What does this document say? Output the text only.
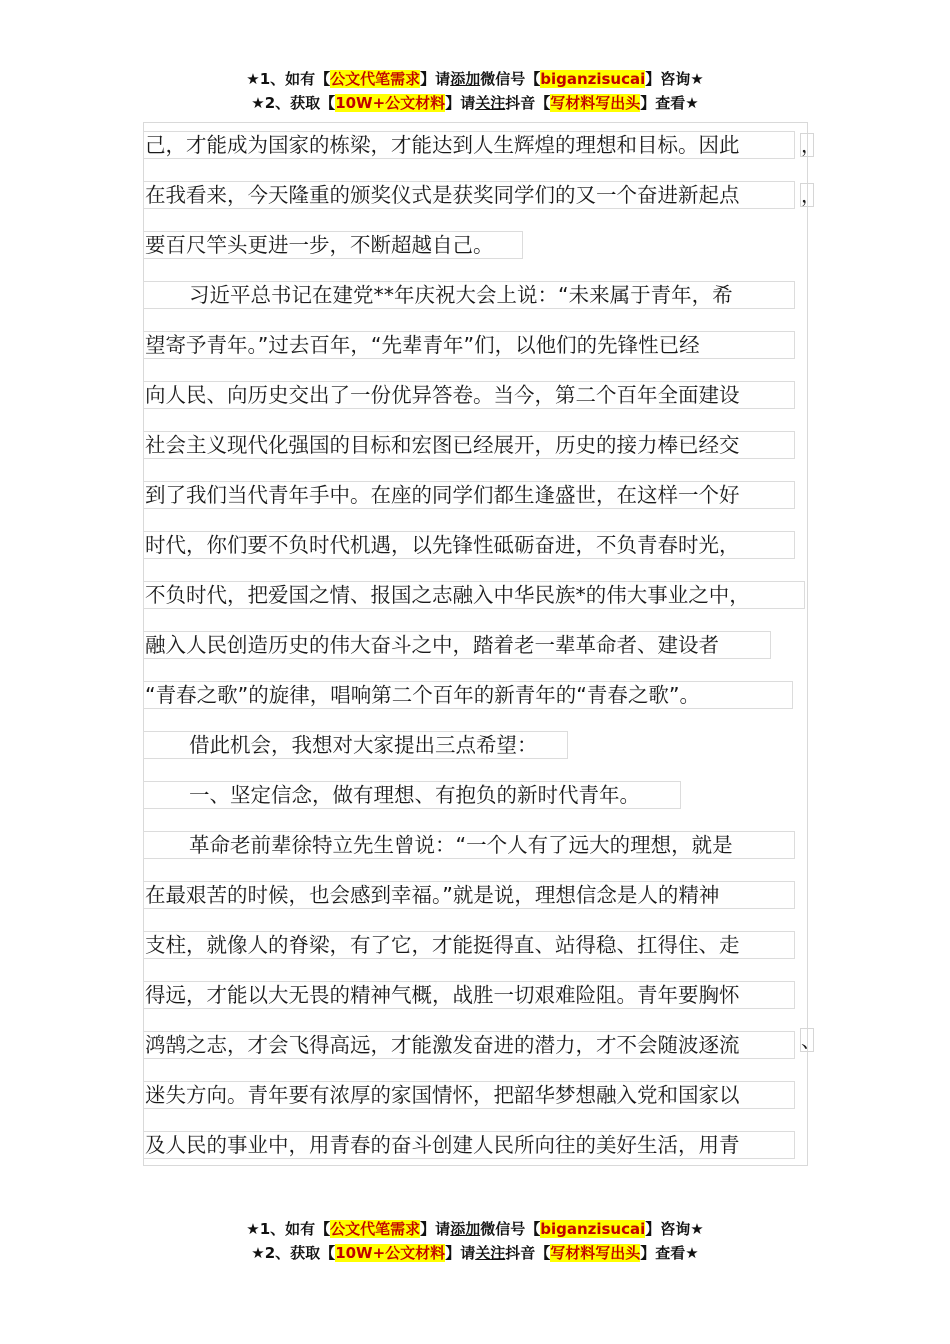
★1、如有【公文代笔需求】请添加微信号【biganzisucai】咨询★
★2、获取【10W+公文材料】请关注抖音【写材料写出头】查看★
己，才能成为国家的栋梁，才能达到人生辉煌的理想和目标。因此
在我看来，今天隆重的颁奖仪式是获奖同学们的又一个奋进新起点
要百尺竿头更进一步，不断超越自己。
习近平总书记在建党**年庆祝大会上说：“未来属于青年，希
望寄予青年。”过去百年，“先辈青年”们，以他们的先锋性已经
向人民、向历史交出了一份优异答卷。当今，第二个百年全面建设
社会主义现代化强国的目标和宏图已经展开，历史的接力棒已经交
到了我们当代青年手中。在座的同学们都生逢盛世，在这样一个好
时代，你们要不负时代机遇，以先锋性砥砺奋进，不负青春时光，
不负时代，把爱国之情、报国之志融入中华民族*的伟大事业之中，
融入人民创造历史的伟大奋斗之中，踏着老一辈革命者、建设者
“青春之歌”的旋律，唱响第二个百年的新青年的“青春之歌”。
借此机会，我想对大家提出三点希望：
一、坚定信念，做有理想、有抱负的新时代青年。
革命老前辈徐特立先生曾说：“一个人有了远大的理想，就是
在最艰苦的时候，也会感到幸福。”就是说，理想信念是人的精神
支柱，就像人的脊梁，有了它，才能挺得直、站得稳、扛得住、走
得远，才能以大无畏的精神气概，战胜一切艰难险阻。青年要胸怀
鸿鹄之志，才会飞得高远，才能激发奋进的潜力，才不会随波逐流
迷失方向。青年要有浓厚的家国情怀，把韶华梦想融入党和国家以
及人民的事业中，用青春的奋斗创建人民所向往的美好生活，用青
，
，
、
★1、如有【公文代笔需求】请添加微信号【biganzisucai】咨询★
★2、获取【10W+公文材料】请关注抖音【写材料写出头】查看★
